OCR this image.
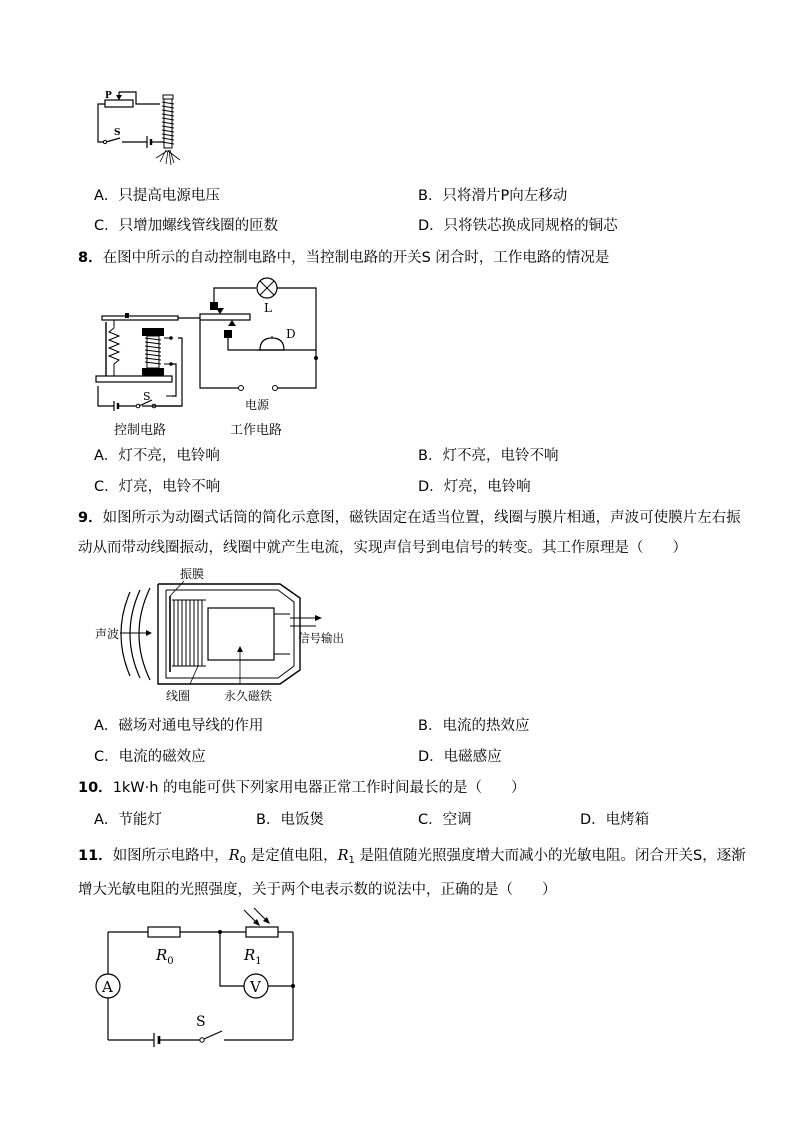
P
S
A．只提高电源电压	B．只将滑片P向左移动
C．只增加螺线管线圈的匝数	D．只将铁芯换成同规格的铜芯
8．在图中所示的自动控制电路中，当控制电路的开关S 闭合时，工作电路的情况是
S
L
D
电源
控制电路	工作电路
A．灯不亮，电铃响	B．灯不亮，电铃不响
C．灯亮，电铃不响	D．灯亮，电铃响
9．如图所示为动圈式话筒的简化示意图，磁铁固定在适当位置，线圈与膜片相通，声波可使膜片左右振
动从而带动线圈振动，线圈中就产生电流，实现声信号到电信号的转变。其工作原理是（　　）
声波	信号输出
振膜
线圈	永久磁铁
A．磁场对通电导线的作用	B．电流的热效应
C．电流的磁效应	D．电磁感应
10．1kW·h 的电能可供下列家用电器正常工作时间最长的是（　　）
A．节能灯	B．电饭煲	C．空调	D．电烤箱
11．如图所示电路中，$R_0$ 是定值电阻，$R_1$ 是阻值随光照强度增大而减小的光敏电阻。闭合开关S，逐渐
增大光敏电阻的光照强度，关于两个电表示数的说法中，正确的是（　　）
$R_0$	$R_1$
V
A
S
